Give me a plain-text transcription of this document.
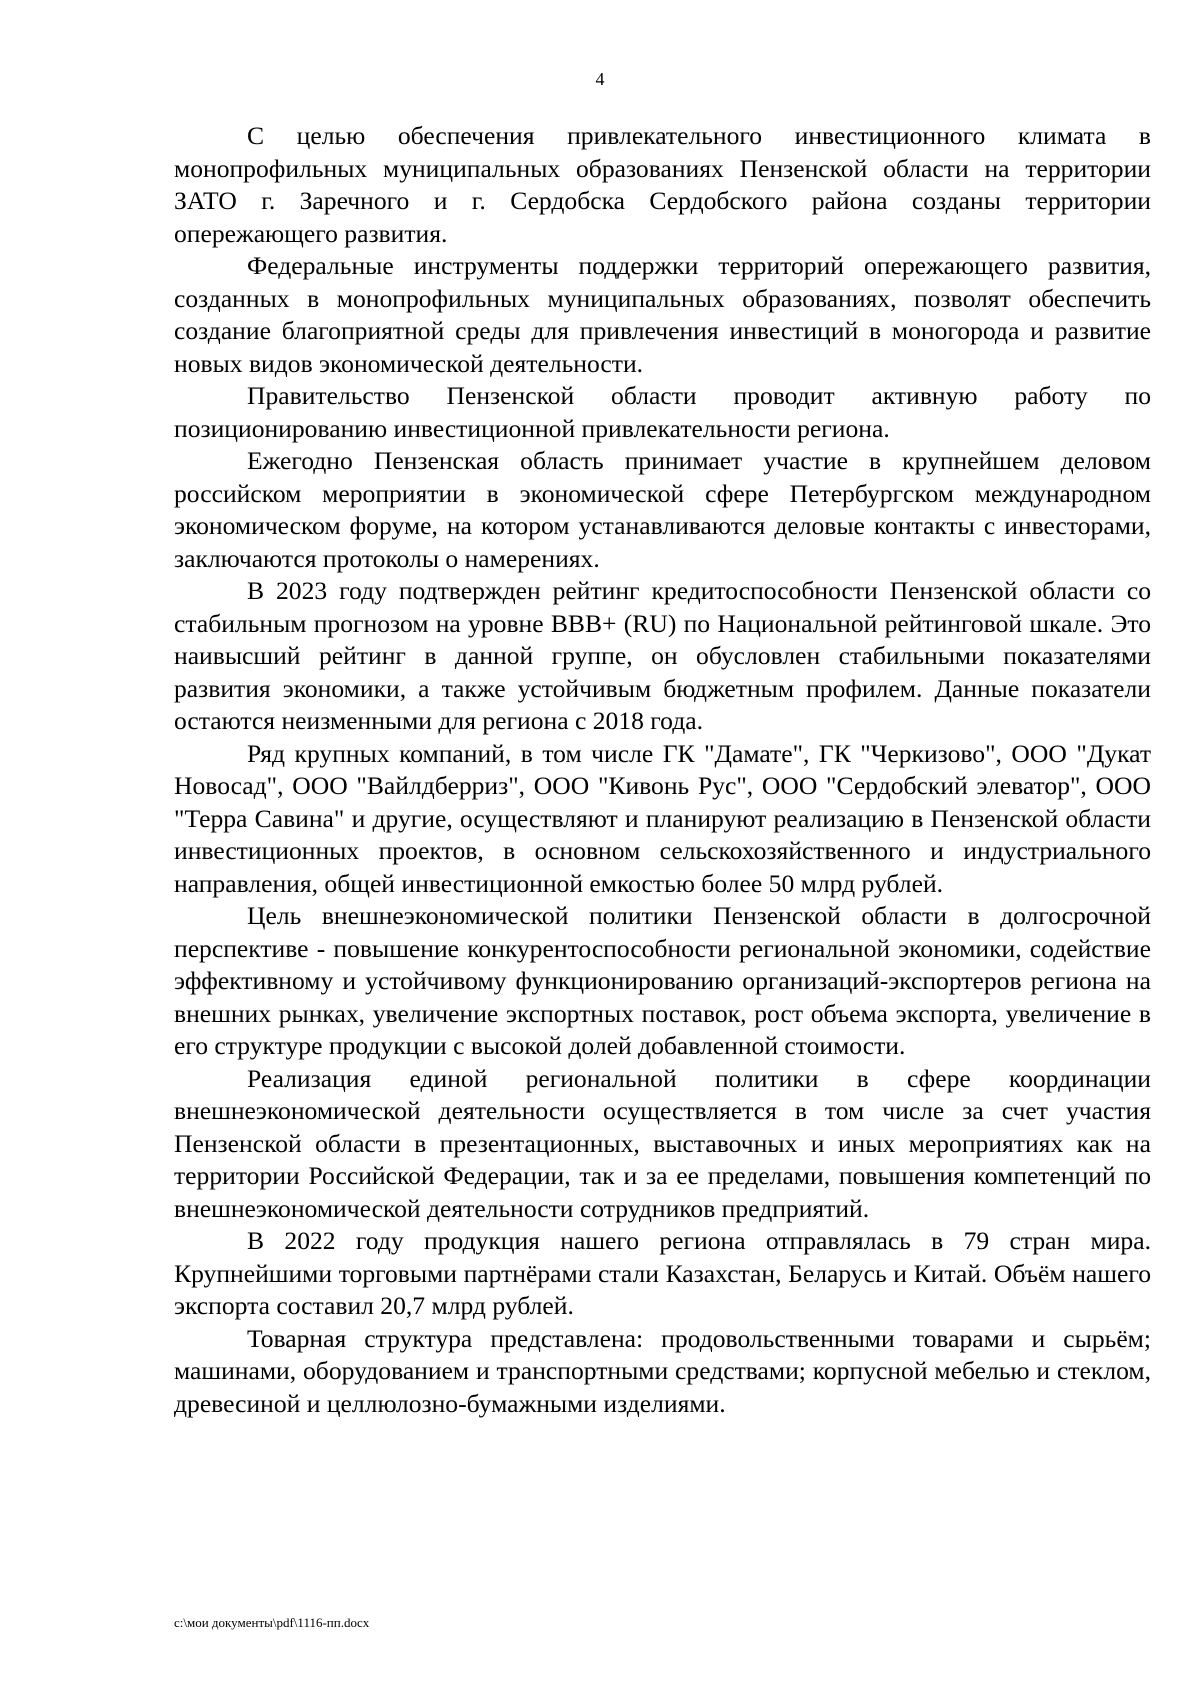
4

С целью обеспечения привлекательного инвестиционного климата в монопрофильных муниципальных образованиях Пензенской области на территории ЗАТО г. Заречного и г. Сердобска Сердобского района созданы территории опережающего развития.

Федеральные инструменты поддержки территорий опережающего развития, созданных в монопрофильных муниципальных образованиях, позволят обеспечить создание благоприятной среды для привлечения инвестиций в моногорода и развитие новых видов экономической деятельности.

Правительство Пензенской области проводит активную работу по позиционированию инвестиционной привлекательности региона.

Ежегодно Пензенская область принимает участие в крупнейшем деловом российском мероприятии в экономической сфере Петербургском международном экономическом форуме, на котором устанавливаются деловые контакты с инвесторами, заключаются протоколы о намерениях.

В 2023 году подтвержден рейтинг кредитоспособности Пензенской области со стабильным прогнозом на уровне BBB+ (RU) по Национальной рейтинговой шкале. Это наивысший рейтинг в данной группе, он обусловлен стабильными показателями развития экономики, а также устойчивым бюджетным профилем. Данные показатели остаются неизменными для региона с 2018 года.

Ряд крупных компаний, в том числе ГК "Дамате", ГК "Черкизово", ООО "Дукат Новосад", ООО "Вайлдберриз", ООО "Кивонь Рус", ООО "Сердобский элеватор", ООО "Терра Савина" и другие, осуществляют и планируют реализацию в Пензенской области инвестиционных проектов, в основном сельскохозяйственного и индустриального направления, общей инвестиционной емкостью более 50 млрд рублей.

Цель внешнеэкономической политики Пензенской области в долгосрочной перспективе - повышение конкурентоспособности региональной экономики, содействие эффективному и устойчивому функционированию организаций-экспортеров региона на внешних рынках, увеличение экспортных поставок, рост объема экспорта, увеличение в его структуре продукции с высокой долей добавленной стоимости.

Реализация единой региональной политики в сфере координации внешнеэкономической деятельности осуществляется в том числе за счет участия Пензенской области в презентационных, выставочных и иных мероприятиях как на территории Российской Федерации, так и за ее пределами, повышения компетенций по внешнеэкономической деятельности сотрудников предприятий.

В 2022 году продукция нашего региона отправлялась в 79 стран мира. Крупнейшими торговыми партнёрами стали Казахстан, Беларусь и Китай. Объём нашего экспорта составил 20,7 млрд рублей.

Товарная структура представлена: продовольственными товарами и сырьём; машинами, оборудованием и транспортными средствами; корпусной мебелью и стеклом, древесиной и целлюлозно-бумажными изделиями.

c:\мои документы\pdf\1116-пп.docx
